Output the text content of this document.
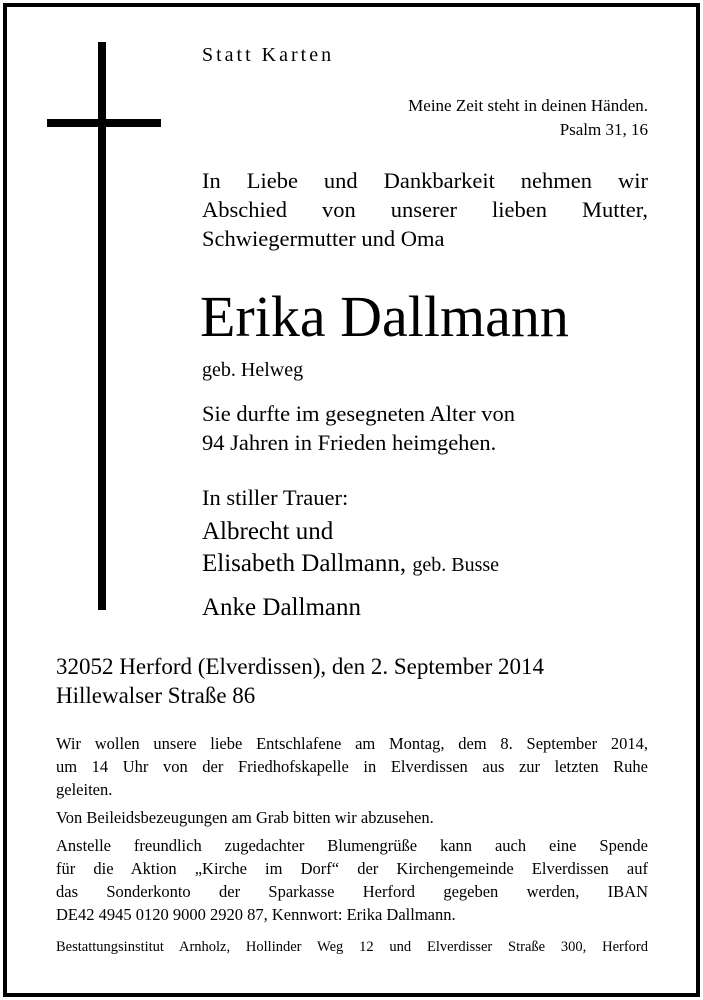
Statt Karten
Meine Zeit steht in deinen Händen.
Psalm 31, 16
In Liebe und Dankbarkeit nehmen wir
Abschied von unserer lieben Mutter,
Schwiegermutter und Oma
Erika Dallmann
geb. Helweg
Sie durfte im gesegneten Alter von
94 Jahren in Frieden heimgehen.
In stiller Trauer:
Albrecht und
Elisabeth Dallmann, geb. Busse
Anke Dallmann
32052 Herford (Elverdissen), den 2. September 2014
Hillewalser Straße 86

Wir wollen unsere liebe Entschlafene am Montag, dem 8. September 2014,
um 14 Uhr von der Friedhofskapelle in Elverdissen aus zur letzten Ruhe
geleiten.

Von Beileidsbezeugungen am Grab bitten wir abzusehen.

Anstelle freundlich zugedachter Blumengrüße kann auch eine Spende
für die Aktion „Kirche im Dorf“ der Kirchengemeinde Elverdissen auf
das Sonderkonto der Sparkasse Herford gegeben werden, IBAN
DE42 4945 0120 9000 2920 87, Kennwort: Erika Dallmann.

Bestattungsinstitut Arnholz, Hollinder Weg 12 und Elverdisser Straße 300, Herford
